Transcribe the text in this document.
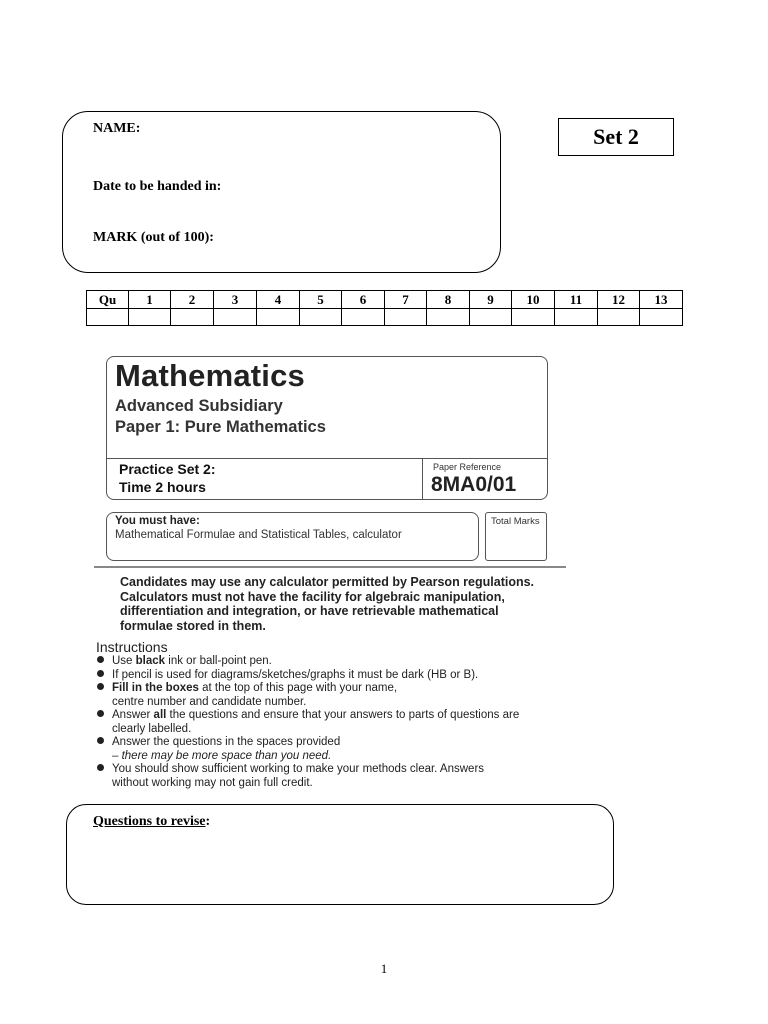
NAME:
Date to be handed in:
MARK (out of 100):
Set 2
Qu	1	2	3	4	5	6	7	8	9	10	11	12	13

Mathematics
Advanced Subsidiary
Paper 1: Pure Mathematics
Practice Set 2:
Time 2 hours
Paper Reference
8MA0/01
You must have:
Mathematical Formulae and Statistical Tables, calculator
Total Marks
Candidates may use any calculator permitted by Pearson regulations.
Calculators must not have the facility for algebraic manipulation,
differentiation and integration, or have retrievable mathematical
formulae stored in them.
Instructions
Use black ink or ball-point pen.
If pencil is used for diagrams/sketches/graphs it must be dark (HB or B).
Fill in the boxes at the top of this page with your name,
centre number and candidate number.
Answer all the questions and ensure that your answers to parts of questions are
clearly labelled.
Answer the questions in the spaces provided
– there may be more space than you need.
You should show sufficient working to make your methods clear. Answers
without working may not gain full credit.
Questions to revise:
1
